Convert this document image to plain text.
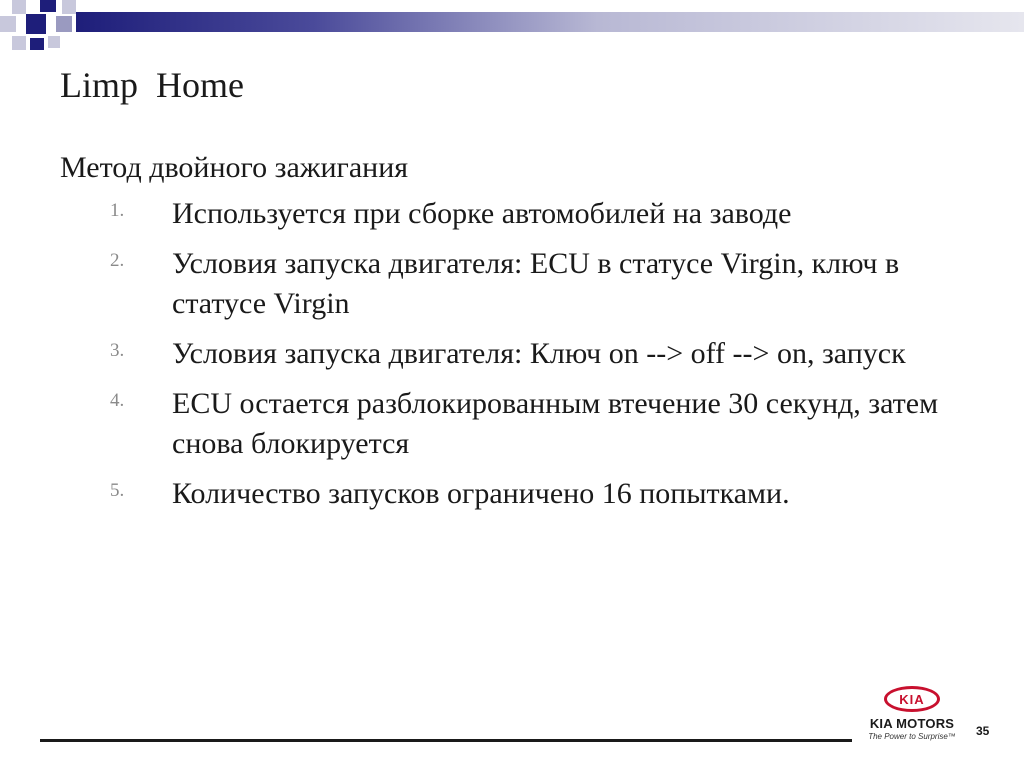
Limp  Home

Метод двойного зажигания

1. Используется при сборке автомобилей на заводе
2. Условия запуска двигателя: ECU в статусе Virgin, ключ в статусе Virgin
3. Условия запуска двигателя: Ключ on --> off --> on, запуск
4. ECU остается разблокированным втечение 30 секунд, затем снова блокируется
5. Количество запусков ограничено 16 попытками.
KIA
KIA MOTORS
The Power to Surprise™	35
